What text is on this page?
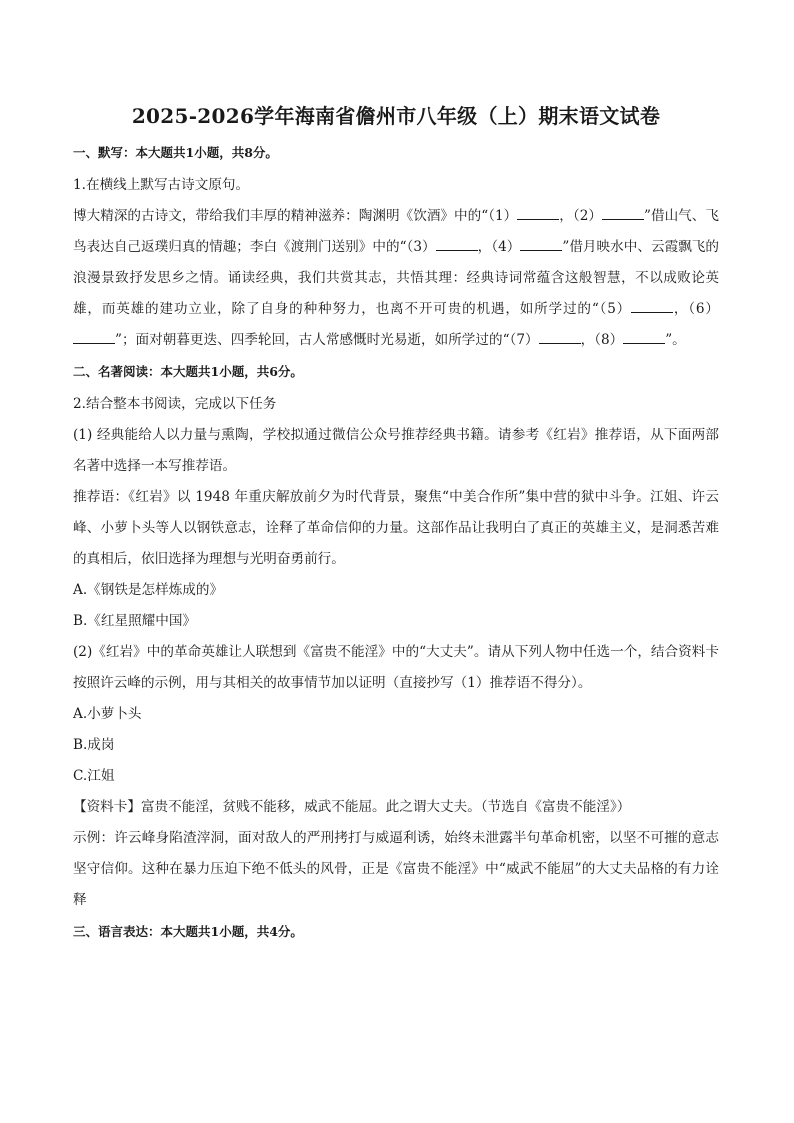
2025-2026学年海南省儋州市八年级（上）期末语文试卷
一、默写：本大题共1小题，共8分。

1.在横线上默写古诗文原句。

博大精深的古诗文，带给我们丰厚的精神滋养：陶渊明《饮酒》中的“（1）	，（2）	”借山气、飞鸟表达自己返璞归真的情趣；李白《渡荆门送别》中的“（3）	，（4）	”借月映水中、云霞飘飞的浪漫景致抒发思乡之情。诵读经典，我们共赏其志，共悟其理：经典诗词常蕴含这般智慧，不以成败论英雄，而英雄的建功立业，除了自身的种种努力，也离不开可贵的机遇，如所学过的“（5）	，（6）”；面对朝暮更迭、四季轮回，古人常感慨时光易逝，如所学过的“（7）	，（8）	”。

二、名著阅读：本大题共1小题，共6分。

2.结合整本书阅读，完成以下任务

(1) 经典能给人以力量与熏陶，学校拟通过微信公众号推荐经典书籍。请参考《红岩》推荐语，从下面两部名著中选择一本写推荐语。

推荐语：《红岩》以 1948 年重庆解放前夕为时代背景，聚焦“中美合作所”集中营的狱中斗争。江姐、许云峰、小萝卜头等人以钢铁意志，诠释了革命信仰的力量。这部作品让我明白了真正的英雄主义，是洞悉苦难的真相后，依旧选择为理想与光明奋勇前行。

A.《钢铁是怎样炼成的》

B.《红星照耀中国》

(2)《红岩》中的革命英雄让人联想到《富贵不能淫》中的“大丈夫”。请从下列人物中任选一个，结合资料卡按照许云峰的示例，用与其相关的故事情节加以证明（直接抄写（1）推荐语不得分）。

A.小萝卜头

B.成岗

C.江姐

【资料卡】富贵不能淫，贫贱不能移，威武不能屈。此之谓大丈夫。（节选自《富贵不能淫》）

示例：许云峰身陷渣滓洞，面对敌人的严刑拷打与威逼利诱，始终未泄露半句革命机密，以坚不可摧的意志坚守信仰。这种在暴力压迫下绝不低头的风骨，正是《富贵不能淫》中“威武不能屈”的大丈夫品格的有力诠释

三、语言表达：本大题共1小题，共4分。
